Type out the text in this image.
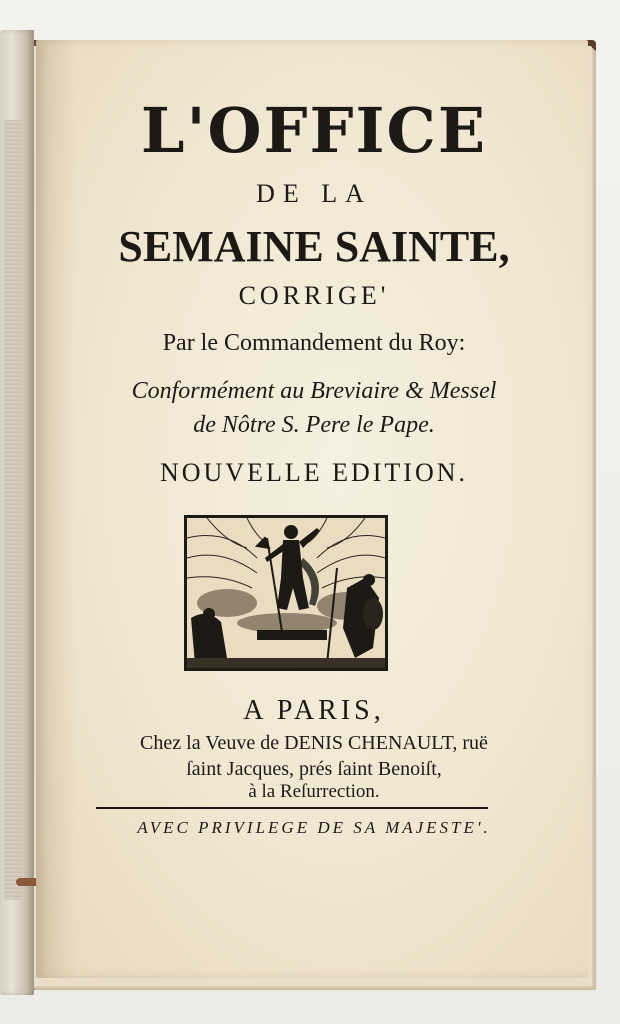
L'OFFICE
DE LA
SEMAINE SAINTE,
CORRIGE'
Par le Commandement du Roy:
Conformément au Breviaire & Messel
de Nôtre S. Pere le Pape.
NOUVELLE EDITION.
A PARIS,
Chez la Veuve de DENIS CHENAULT, ruë
ſaint Jacques, prés ſaint Benoiſt,
à la Reſurrection.
AVEC PRIVILEGE DE SA MAJESTE'.
